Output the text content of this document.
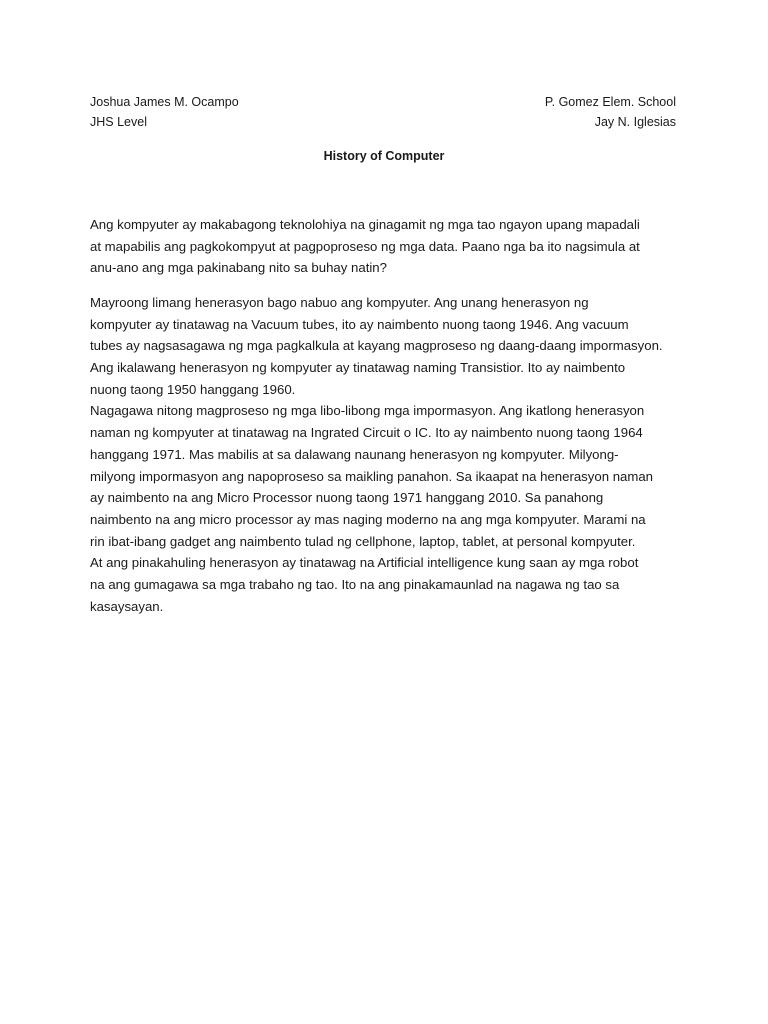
Joshua James M. Ocampo	P. Gomez Elem. School
JHS Level	Jay N. Iglesias
History of Computer
Ang kompyuter ay makabagong teknolohiya na ginagamit ng mga tao ngayon upang mapadali
at mapabilis ang pagkokompyut at pagpoproseso ng mga data. Paano nga ba ito nagsimula at
anu-ano ang mga pakinabang nito sa buhay natin?
Mayroong limang henerasyon bago nabuo ang kompyuter. Ang unang henerasyon ng
kompyuter ay tinatawag na Vacuum tubes, ito ay naimbento nuong taong 1946. Ang vacuum
tubes ay nagsasagawa ng mga pagkalkula at kayang magproseso ng daang-daang impormasyon.
Ang ikalawang henerasyon ng kompyuter ay tinatawag naming Transistior. Ito ay naimbento
nuong taong 1950 hanggang 1960.
Nagagawa nitong magproseso ng mga libo-libong mga impormasyon. Ang ikatlong henerasyon
naman ng kompyuter at tinatawag na Ingrated Circuit o IC. Ito ay naimbento nuong taong 1964
hanggang 1971. Mas mabilis at sa dalawang naunang henerasyon ng kompyuter. Milyong-
milyong impormasyon ang napoproseso sa maikling panahon. Sa ikaapat na henerasyon naman
ay naimbento na ang Micro Processor nuong taong 1971 hanggang 2010. Sa panahong
naimbento na ang micro processor ay mas naging moderno na ang mga kompyuter. Marami na
rin ibat-ibang gadget ang naimbento tulad ng cellphone, laptop, tablet, at personal kompyuter.
At ang pinakahuling henerasyon ay tinatawag na Artificial intelligence kung saan ay mga robot
na ang gumagawa sa mga trabaho ng tao. Ito na ang pinakamaunlad na nagawa ng tao sa
kasaysayan.
